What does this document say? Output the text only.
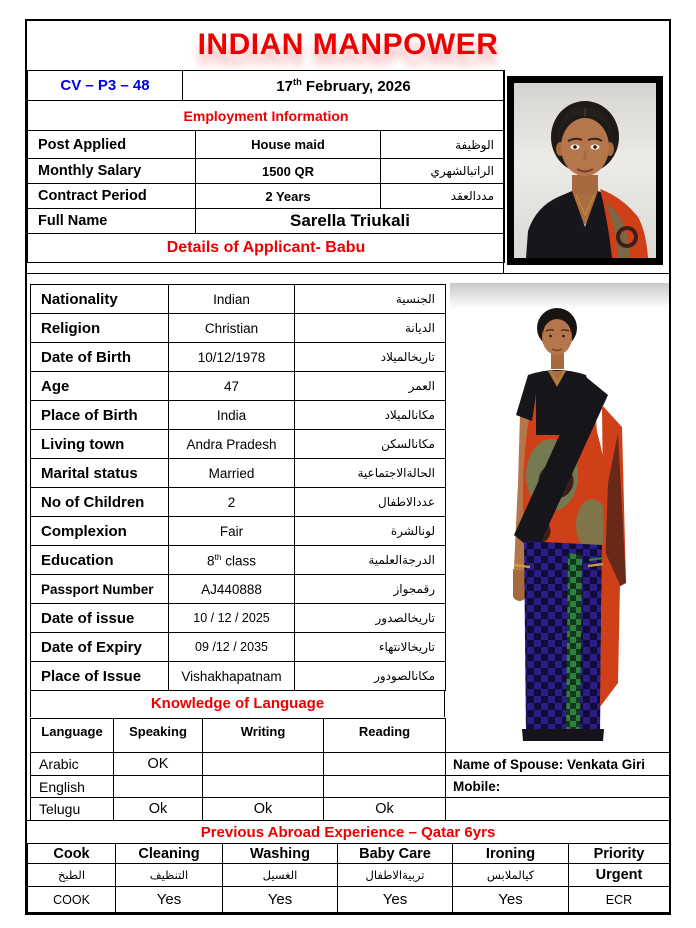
INDIAN MANPOWER
CV – P3 – 48	17th February, 2026
Employment Information
Post Applied	House maid	الوظيفة
Monthly Salary	1500 QR	الراتبالشهري
Contract Period	2 Years	مددالعقد
Full Name	Sarella Triukali	
Details of Applicant- Babu		
Nationality	Indian	الجنسية
Religion	Christian	الديانة
Date of Birth	10/12/1978	تاريخالميلاد
Age	47	العمر
Place of Birth	India	مكانالميلاد
Living town	Andra Pradesh	مكانالسكن
Marital status	Married	الحالةالاجتماعية
No of Children	2	عددالاطفال
Complexion	Fair	لونالشرة
Education	8th class	الدرجةالعلمية
Passport Number	AJ440888	رقمجواز
Date of issue	10 / 12 / 2025	تاريخالصدور
Date of Expiry	09 /12 / 2035	تاريخالانتهاء
Place of Issue	Vishakhapatnam	مكانالصودور
Knowledge of Language
Language	Speaking	Writing	Reading
Arabic	OK		
English			
Telugu	Ok	Ok	Ok
Name of Spouse: Venkata Giri
Mobile:

Previous Abroad Experience – Qatar 6yrs
Cook	Cleaning	Washing	Baby Care	Ironing	Priority
الطبخ	التنظيف	الغسيل	تربيةالاطفال	كيالملابس	Urgent
COOK	Yes	Yes	Yes	Yes	ECR
